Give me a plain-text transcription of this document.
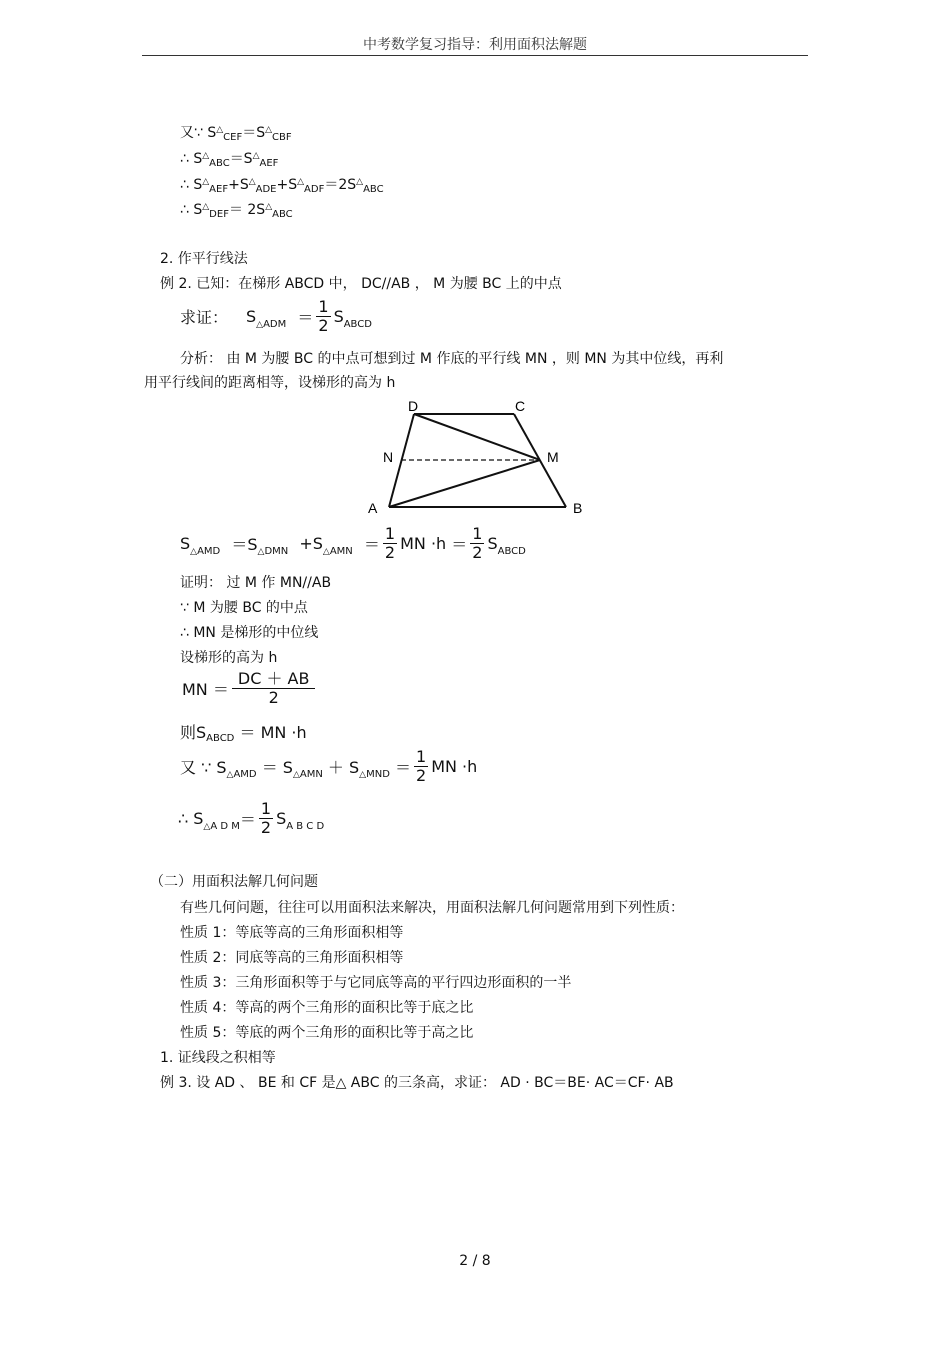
中考数学复习指导：利用面积法解题
又∵ $S^\triangle_{CEF}=S^\triangle_{CBF}$
∴ $S^\triangle_{ABC}=S^\triangle_{AEF}$
∴ $S^\triangle_{AEF}+S^\triangle_{ADE}+S^\triangle_{ADF}=2S^\triangle_{ABC}$
∴ $S^\triangle_{DEF}= 2S^\triangle_{ABC}$
2. 作平行线法
例 2. 已知：在梯形 ABCD 中， DC//AB ， M 为腰 BC 上的中点
求证： $S_{\triangle ADM} = \frac{1}{2} S_{ABCD}$
分析： 由 M 为腰 BC 的中点可想到过 M 作底的平行线 MN ，则 MN 为其中位线，再利
用平行线间的距离相等，设梯形的高为 h
D	C
N	M
A	B
$S_{\triangle AMD} =S_{\triangle DMN} +S_{\triangle AMN} = \frac{1}{2}$ MN $\cdot h = \frac{1}{2} S_{ABCD}$
证明： 过 M 作 MN//AB
∵ M 为腰 BC 的中点
∴ MN 是梯形的中位线
设梯形的高为 h
MN ＝ $\frac{DC + AB}{2}$
则$S_{ABCD}$ ＝ MN ·h
又 ∵ $S_{\triangle AMD} = S_{\triangle AMN} + S_{\triangle MND} = \frac{1}{2}$ MN ·h
∴ $S_{\triangle A D M}= \frac{1}{2} S_{A B C D}$
（二）用面积法解几何问题
有些几何问题，往往可以用面积法来解决，用面积法解几何问题常用到下列性质：
性质 1：等底等高的三角形面积相等
性质 2：同底等高的三角形面积相等
性质 3：三角形面积等于与它同底等高的平行四边形面积的一半
性质 4：等高的两个三角形的面积比等于底之比
性质 5：等底的两个三角形的面积比等于高之比
1. 证线段之积相等
例 3. 设 AD 、 BE 和 CF 是△ ABC 的三条高，求证： AD · BC＝BE· AC＝CF· AB
2 / 8
